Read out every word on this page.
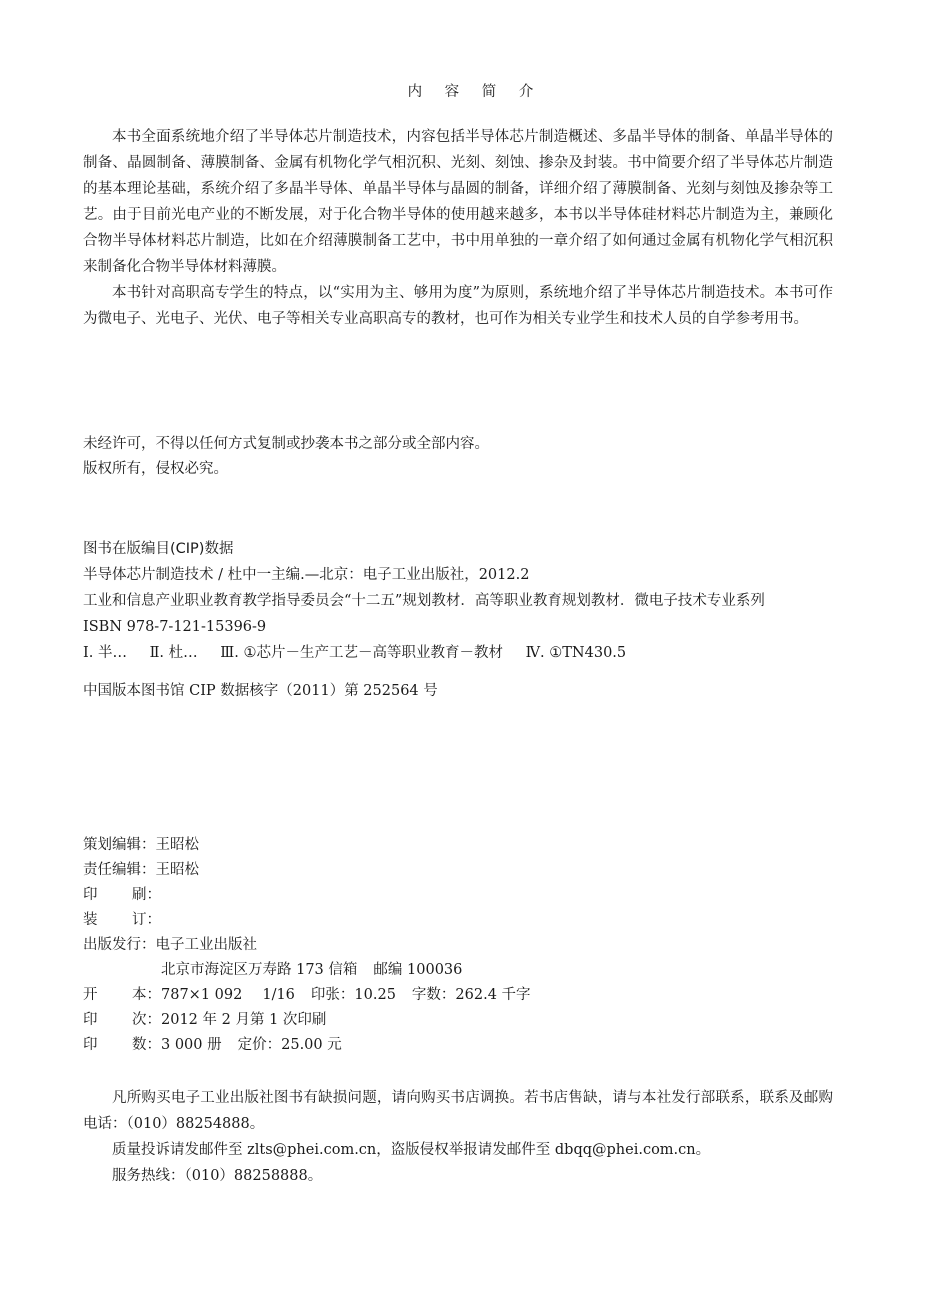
内 容 简 介

本书全面系统地介绍了半导体芯片制造技术，内容包括半导体芯片制造概述、多晶半导体的制备、单晶半导体的制备、晶圆制备、薄膜制备、金属有机物化学气相沉积、光刻、刻蚀、掺杂及封装。书中简要介绍了半导体芯片制造的基本理论基础，系统介绍了多晶半导体、单晶半导体与晶圆的制备，详细介绍了薄膜制备、光刻与刻蚀及掺杂等工艺。由于目前光电产业的不断发展，对于化合物半导体的使用越来越多，本书以半导体硅材料芯片制造为主，兼顾化合物半导体材料芯片制造，比如在介绍薄膜制备工艺中，书中用单独的一章介绍了如何通过金属有机物化学气相沉积来制备化合物半导体材料薄膜。

本书针对高职高专学生的特点，以“实用为主、够用为度”为原则，系统地介绍了半导体芯片制造技术。本书可作为微电子、光电子、光伏、电子等相关专业高职高专的教材，也可作为相关专业学生和技术人员的自学参考用书。

未经许可，不得以任何方式复制或抄袭本书之部分或全部内容。
版权所有，侵权必究。
图书在版编目(CIP)数据
半导体芯片制造技术 / 杜中一主编.—北京：电子工业出版社，2012.2
工业和信息产业职业教育教学指导委员会“十二五”规划教材．高等职业教育规划教材．微电子技术专业系列
ISBN 978-7-121-15396-9
I. 半… Ⅱ. 杜… Ⅲ. ①芯片－生产工艺－高等职业教育－教材 Ⅳ. ①TN430.5
中国版本图书馆 CIP 数据核字（2011）第 252564 号
策划编辑 ： 王昭松
责任编辑 ： 王昭松
印 刷：
装 订：
出版发行 ： 电子工业出版社
北京市海淀区万寿路 173 信箱 邮编 100036
开 本： 787×1 092 1/16 印张：10.25 字数：262.4 千字
印 次： 2012 年 2 月第 1 次印刷
印 数： 3 000 册 定价：25.00 元

凡所购买电子工业出版社图书有缺损问题，请向购买书店调换。若书店售缺，请与本社发行部联系，联系及邮购电话：（010）88254888。

质量投诉请发邮件至 zlts@phei.com.cn，盗版侵权举报请发邮件至 dbqq@phei.com.cn。

服务热线：（010）88258888。
